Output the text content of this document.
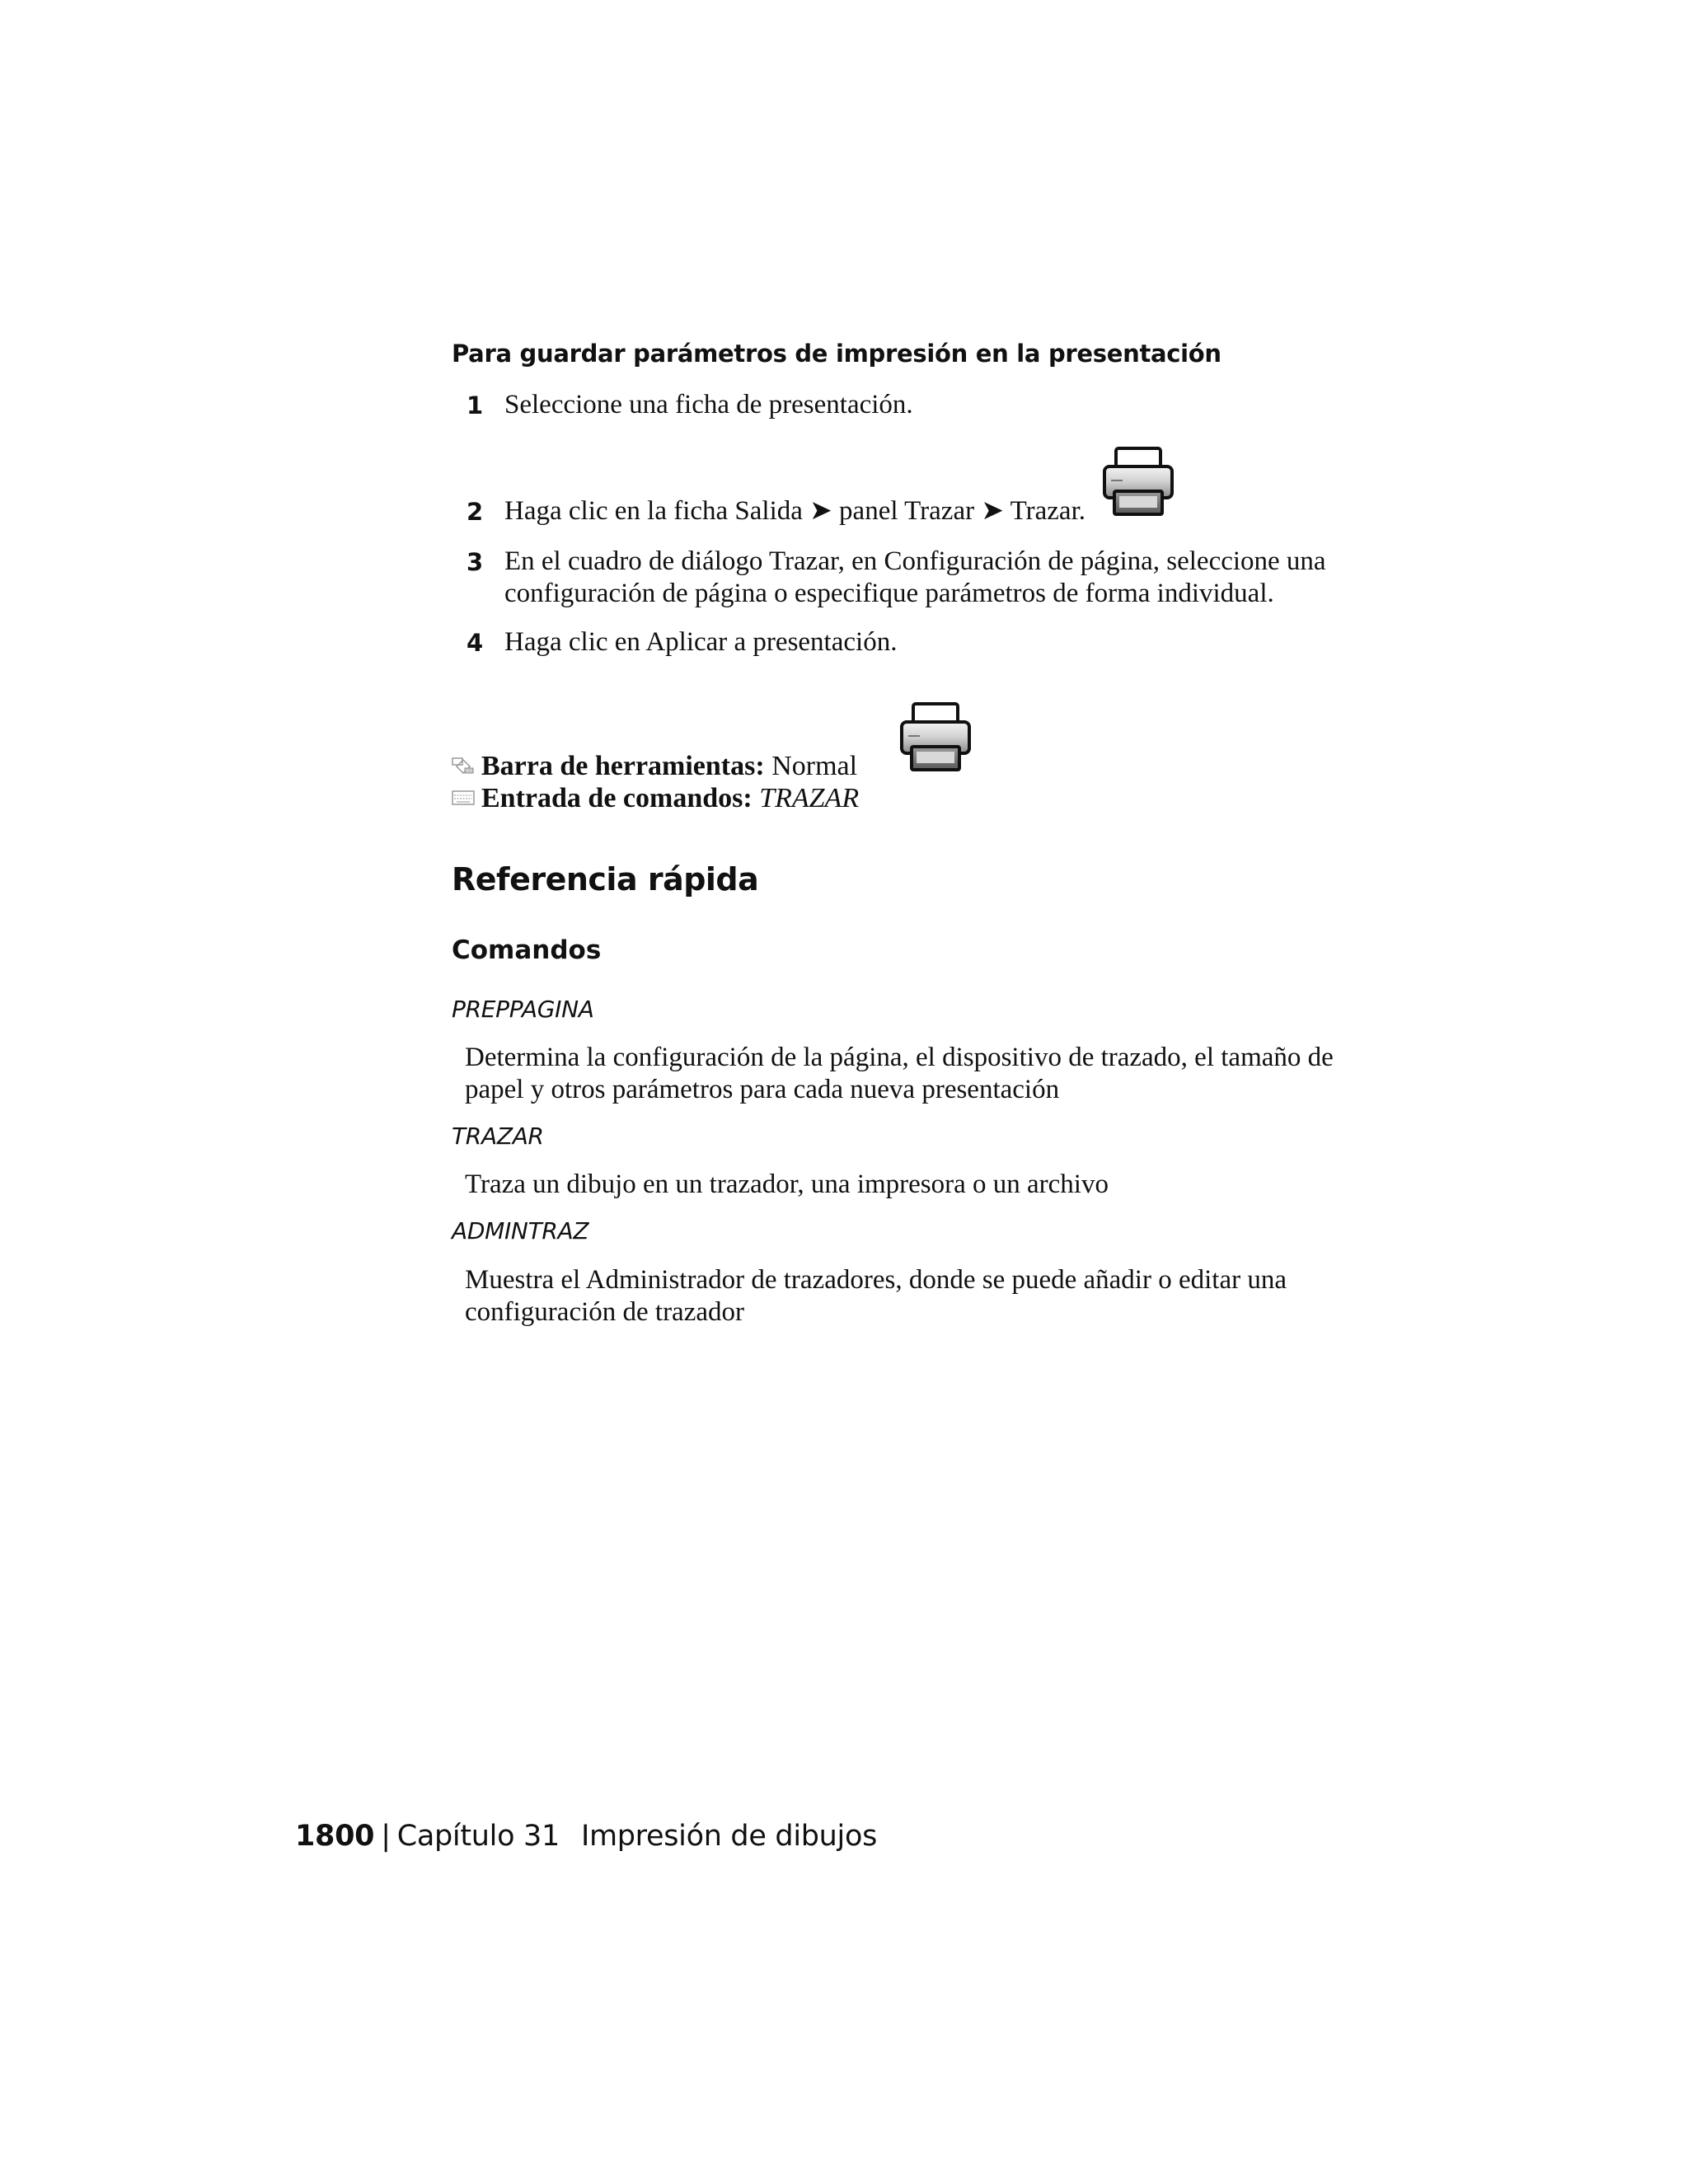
Para guardar parámetros de impresión en la presentación
1 Seleccione una ficha de presentación.
2 Haga clic en la ficha Salida ➤ panel Trazar ➤ Trazar.
3 En el cuadro de diálogo Trazar, en Configuración de página, seleccione una configuración de página o especifique parámetros de forma individual.
4 Haga clic en Aplicar a presentación.
Barra de herramientas: Normal
Entrada de comandos: TRAZAR
Referencia rápida
Comandos
PREPPAGINA
Determina la configuración de la página, el dispositivo de trazado, el tamaño de papel y otros parámetros para cada nueva presentación
TRAZAR
Traza un dibujo en un trazador, una impresora o un archivo
ADMINTRAZ
Muestra el Administrador de trazadores, donde se puede añadir o editar una configuración de trazador
1800 | Capítulo 31 Impresión de dibujos
